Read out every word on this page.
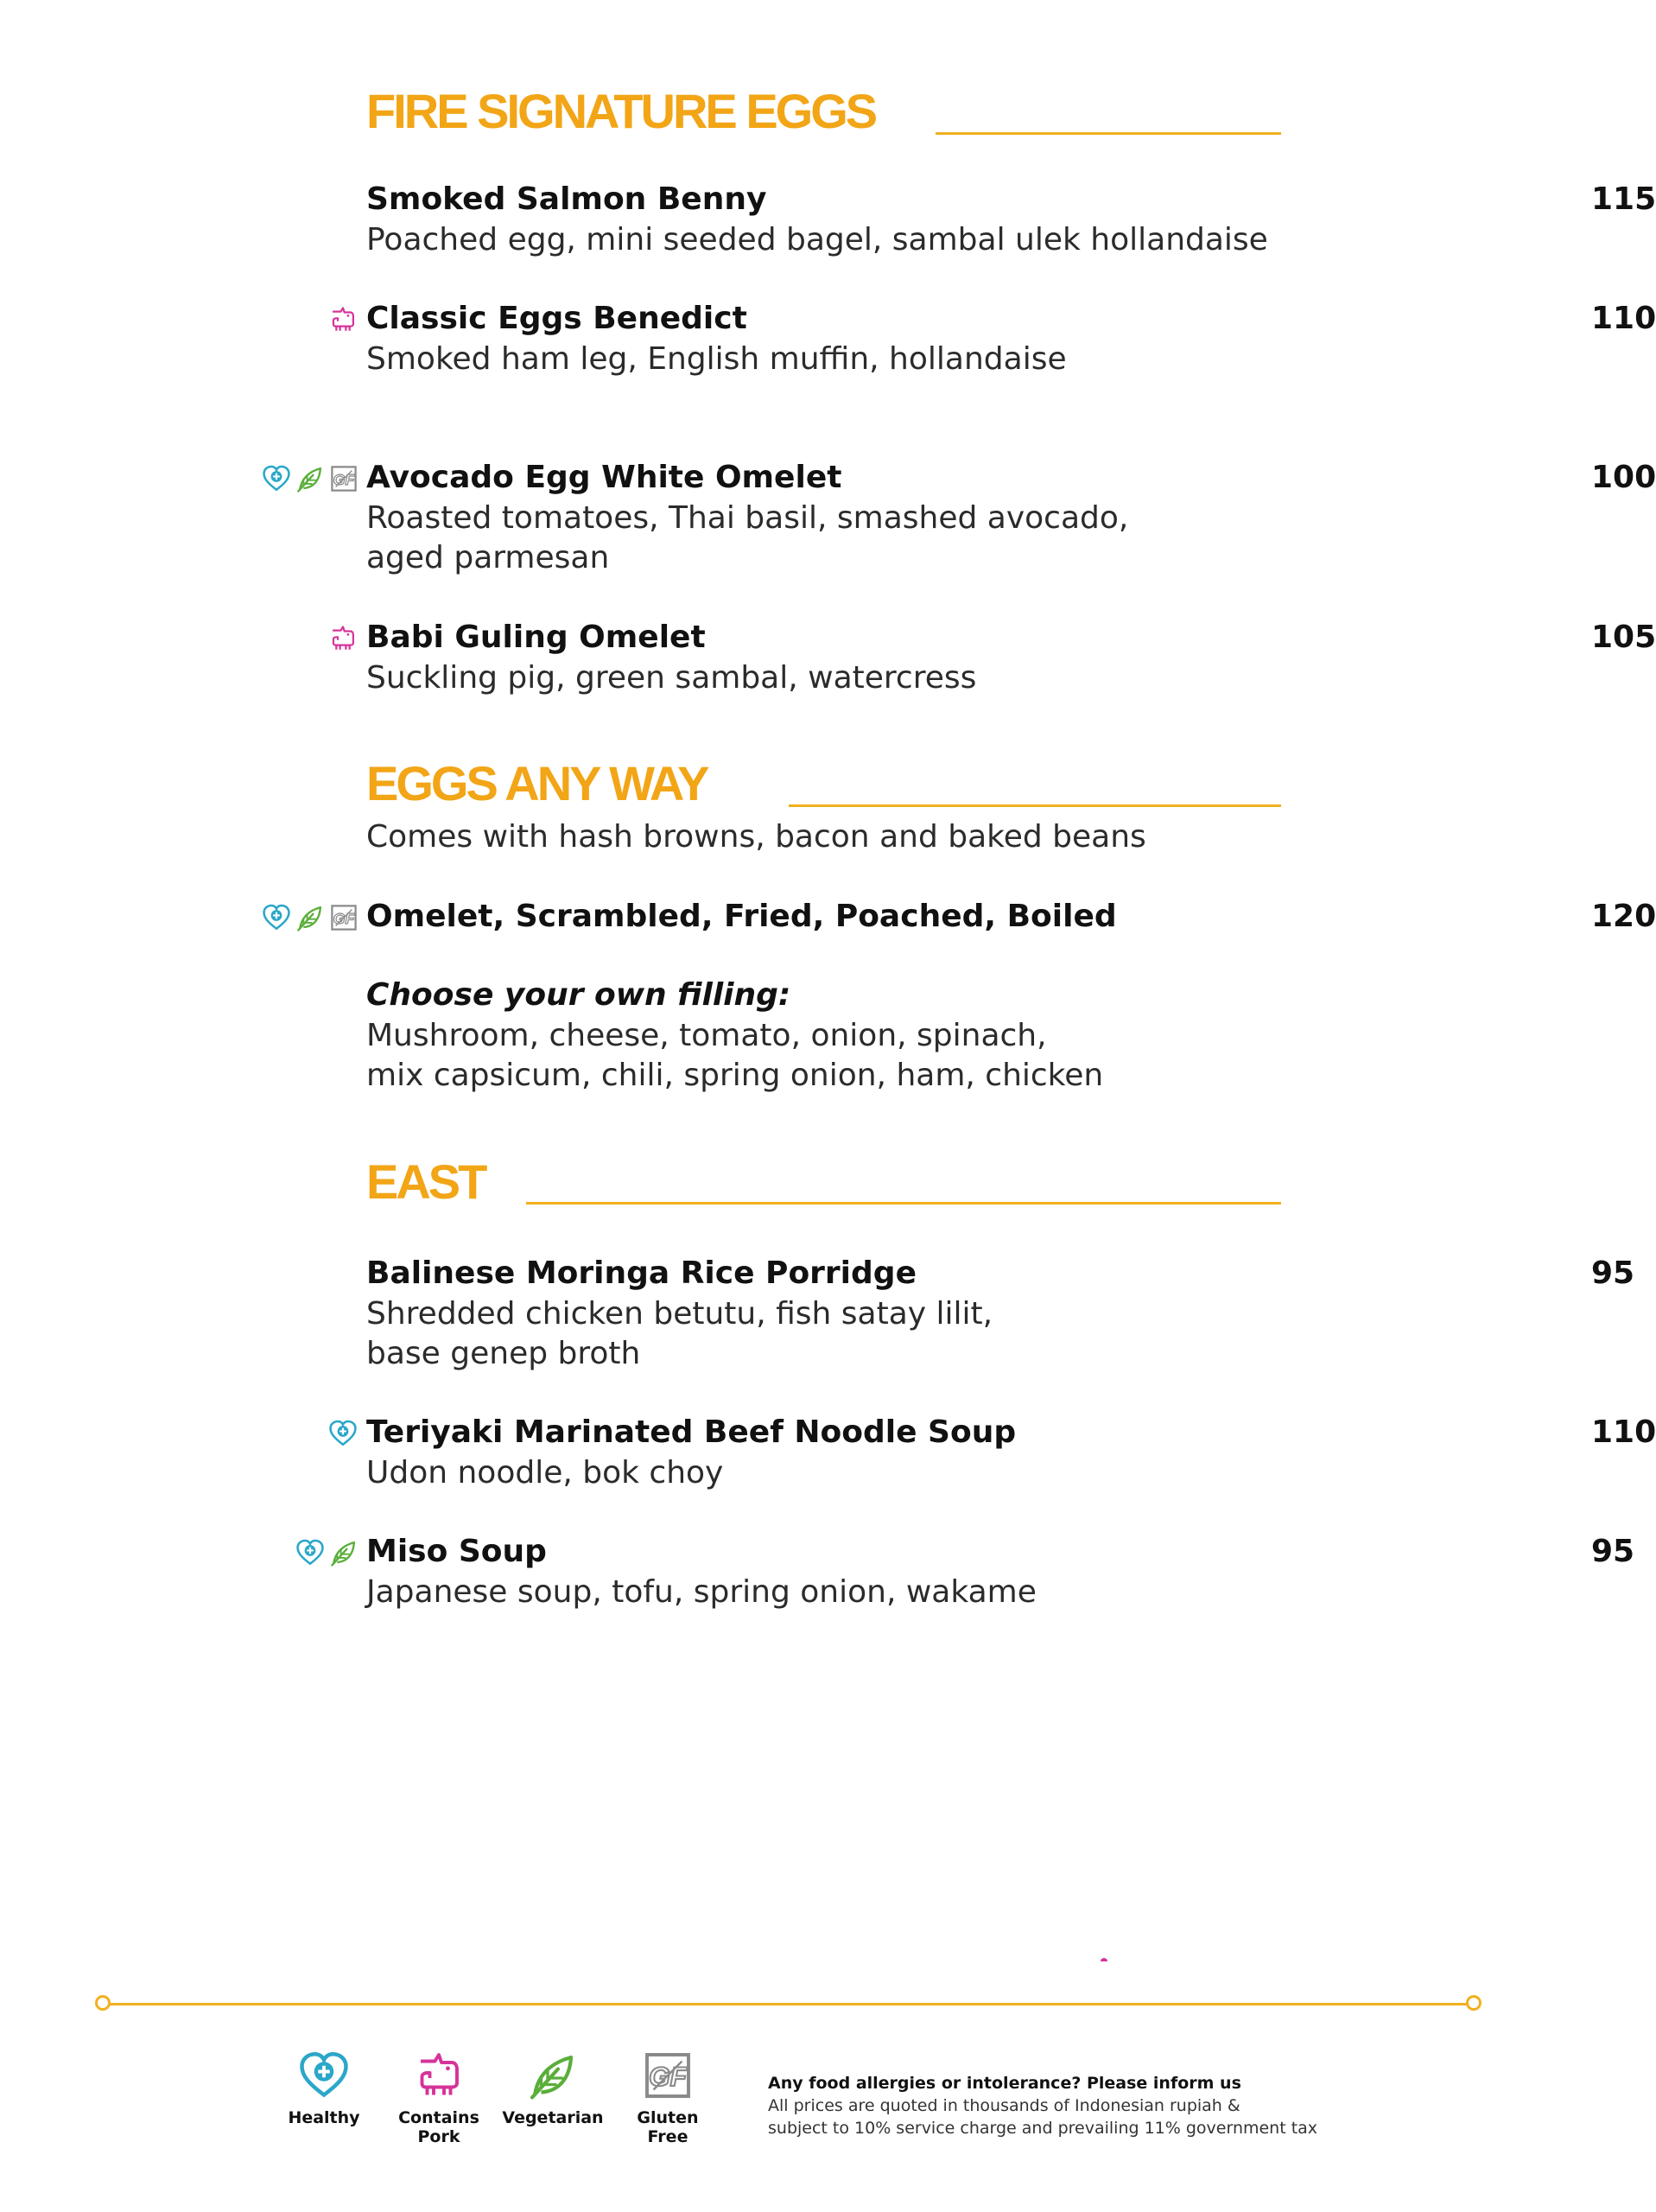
FIRE SIGNATURE EGGS
Smoked Salmon Benny
Poached egg, mini seeded bagel, sambal ulek hollandaise
115
Classic Eggs Benedict
Smoked ham leg, English muffin, hollandaise
110
Avocado Egg White Omelet
Roasted tomatoes, Thai basil, smashed avocado,
aged parmesan
100
Babi Guling Omelet
Suckling pig, green sambal, watercress
105
EGGS ANY WAY
Comes with hash browns, bacon and baked beans
Omelet, Scrambled, Fried, Poached, Boiled	120
Choose your own filling:
Mushroom, cheese, tomato, onion, spinach,
mix capsicum, chili, spring onion, ham, chicken
EAST
Balinese Moringa Rice Porridge
Shredded chicken betutu, fish satay lilit,
base genep broth
95
Teriyaki Marinated Beef Noodle Soup
Udon noodle, bok choy
110
Miso Soup
Japanese soup, tofu, spring onion, wakame
95
Healthy	Contains
Pork
Vegetarian	Gluten
Free
Any food allergies or intolerance? Please inform us
All prices are quoted in thousands of Indonesian rupiah &
subject to 10% service charge and prevailing 11% government tax
